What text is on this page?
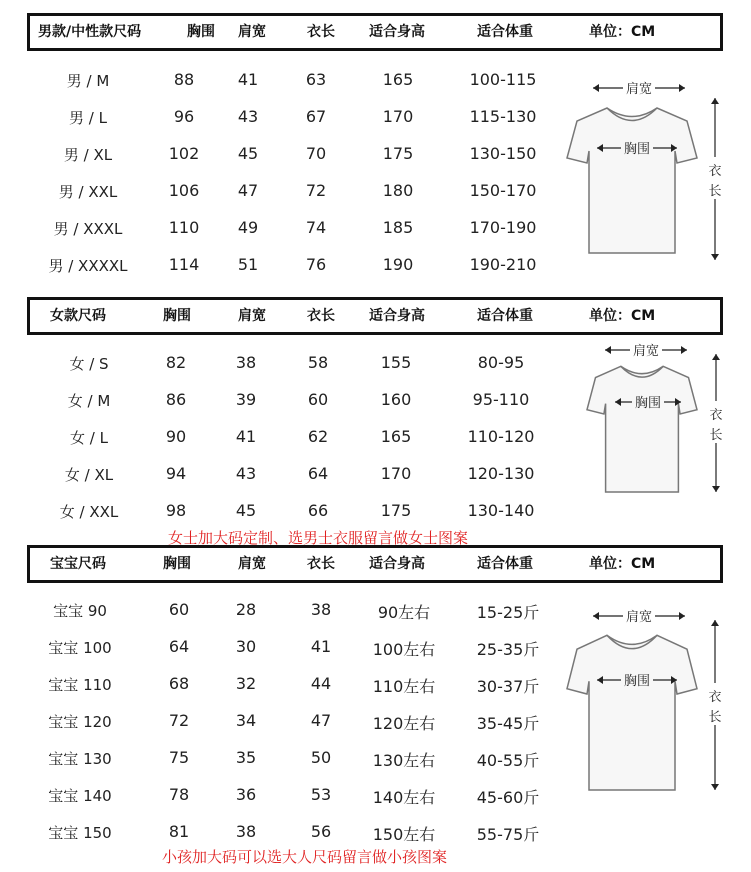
男款/中性款尺码	胸围 肩宽	衣长 适合身高	适合体重	单位：CM
男 / M	88	41	63	165	100-115
男 / L	96	43	67	170	115-130
男 / XL	102 45	70	175	130-150
男 / XXL	106 47	72	180	150-170
男 / XXXL	110 49	74	185	170-190
男 / XXXXL	114 51	76	190	190-210
肩宽
胸围
衣
长
女款尺码	胸围	肩宽	衣长 适合身高	适合体重	单位：CM
女 / S	82	38	58	155	80-95
女 / M	86	39	60	160	95-110
女 / L	90	41	62	165	110-120
女 / XL	94	43	64	170	120-130
女 / XXL	98	45	66	175	130-140
肩宽
胸围
衣
长
女士加大码定制、选男士衣服留言做女士图案
宝宝尺码	胸围	肩宽	衣长 适合身高	适合体重	单位：CM
宝宝 90	60	28	38	90左右	15-25斤
宝宝 100	64	30	41	100左右	25-35斤
宝宝 110	68	32	44	110左右	30-37斤
宝宝 120	72	34	47	120左右	35-45斤
宝宝 130	75	35	50	130左右	40-55斤
宝宝 140	78	36	53	140左右	45-60斤
宝宝 150	81	38	56	150左右	55-75斤
肩宽
胸围
衣
长
小孩加大码可以选大人尺码留言做小孩图案
